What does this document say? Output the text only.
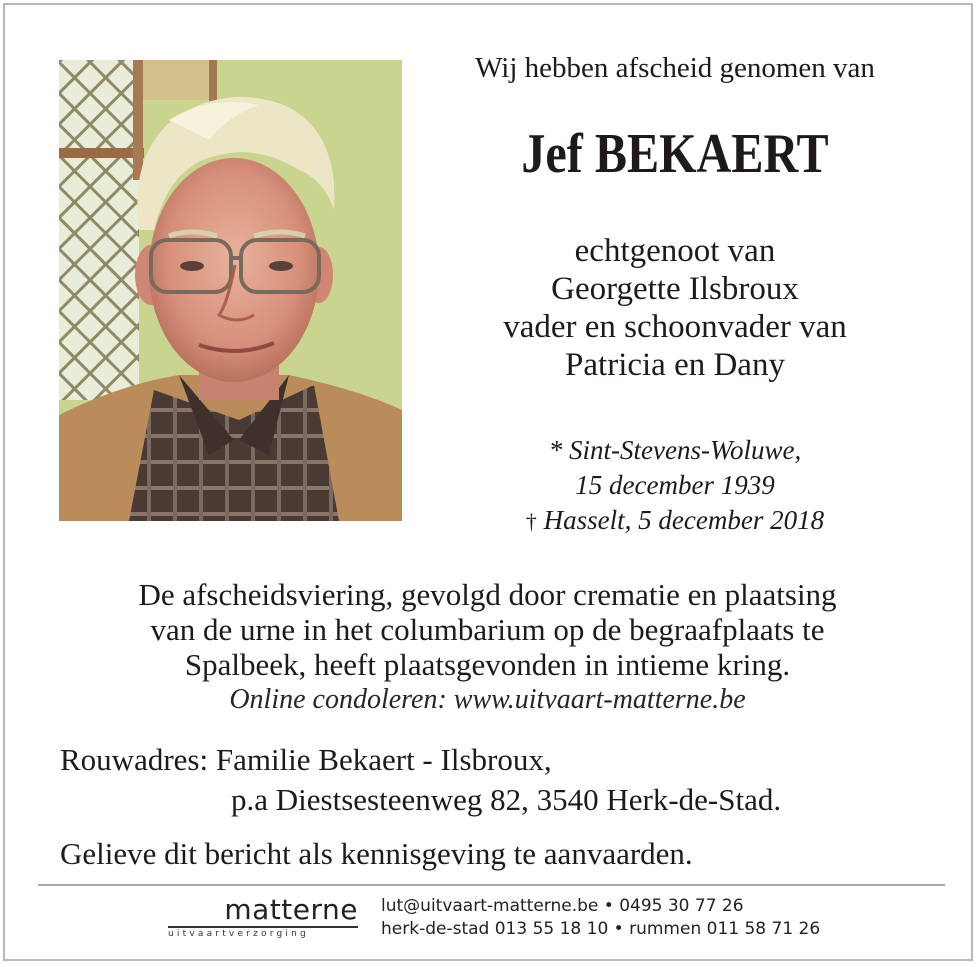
Wij hebben afscheid genomen van
Jef BEKAERT
echtgenoot van
Georgette Ilsbroux
vader en schoonvader van
Patricia en Dany
* Sint-Stevens-Woluwe,
15 december 1939
† Hasselt, 5 december 2018
De afscheidsviering, gevolgd door crematie en plaatsing
van de urne in het columbarium op de begraafplaats te
Spalbeek, heeft plaatsgevonden in intieme kring.
Online condoleren: www.uitvaart-matterne.be
Rouwadres: Familie Bekaert - Ilsbroux,
p.a Diestsesteenweg 82, 3540 Herk-de-Stad.
Gelieve dit bericht als kennisgeving te aanvaarden.
matterne
uitvaartverzorging
lut@uitvaart-matterne.be • 0495 30 77 26
herk-de-stad 013 55 18 10 • rummen 011 58 71 26
